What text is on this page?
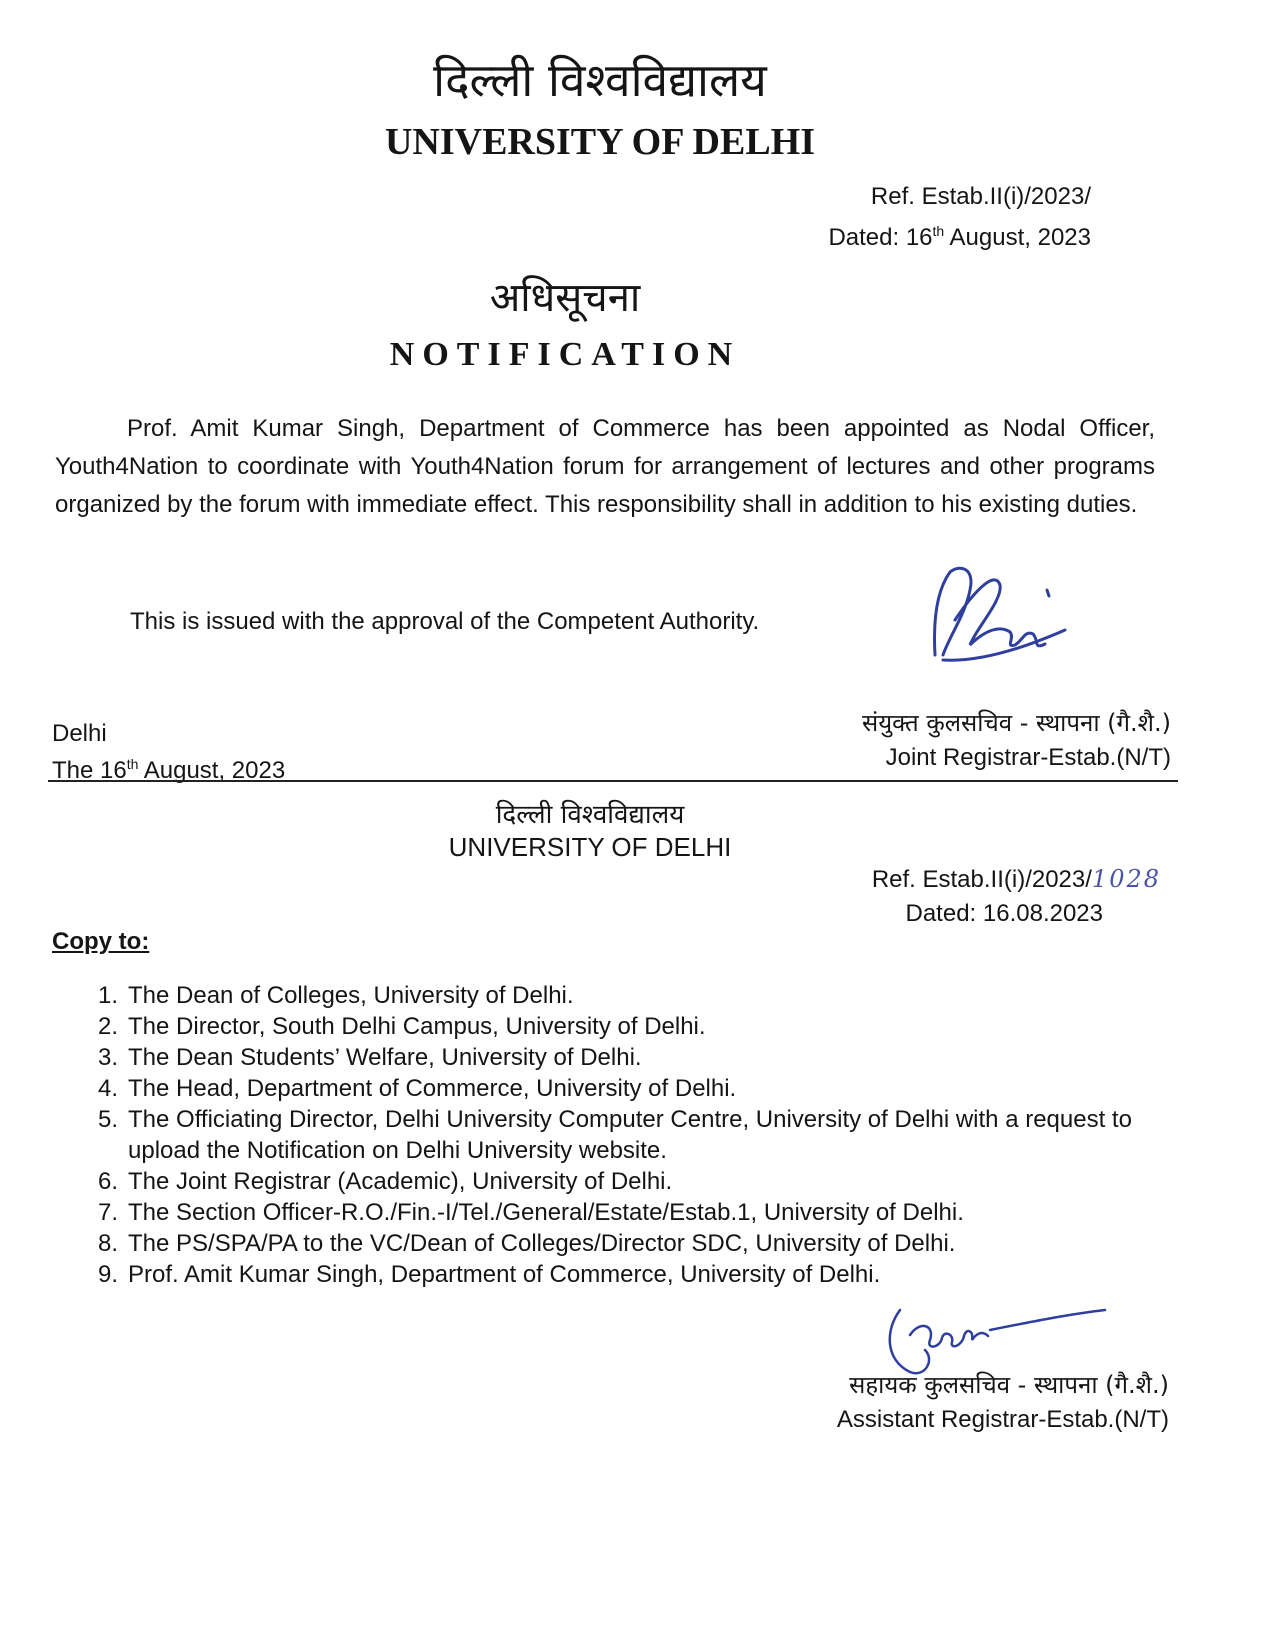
दिल्ली विश्वविद्यालय
UNIVERSITY OF DELHI
Ref. Estab.II(i)/2023/
Dated: 16th August, 2023
अधिसूचना
NOTIFICATION
Prof. Amit Kumar Singh, Department of Commerce has been appointed as Nodal Officer, Youth4Nation to coordinate with Youth4Nation forum for arrangement of lectures and other programs organized by the forum with immediate effect. This responsibility shall in addition to his existing duties.
This is issued with the approval of the Competent Authority.
Delhi
The 16th August, 2023
संयुक्त कुलसचिव - स्थापना (गै.शै.)
Joint Registrar-Estab.(N/T)
दिल्ली विश्वविद्यालय
UNIVERSITY OF DELHI
Ref. Estab.II(i)/2023/1028
Dated: 16.08.2023
Copy to:
1. The Dean of Colleges, University of Delhi.
2. The Director, South Delhi Campus, University of Delhi.
3. The Dean Students’ Welfare, University of Delhi.
4. The Head, Department of Commerce, University of Delhi.
5. The Officiating Director, Delhi University Computer Centre, University of Delhi with a request to upload the Notification on Delhi University website.
6. The Joint Registrar (Academic), University of Delhi.
7. The Section Officer-R.O./Fin.-I/Tel./General/Estate/Estab.1, University of Delhi.
8. The PS/SPA/PA to the VC/Dean of Colleges/Director SDC, University of Delhi.
9. Prof. Amit Kumar Singh, Department of Commerce, University of Delhi.
सहायक कुलसचिव - स्थापना (गै.शै.)
Assistant Registrar-Estab.(N/T)
